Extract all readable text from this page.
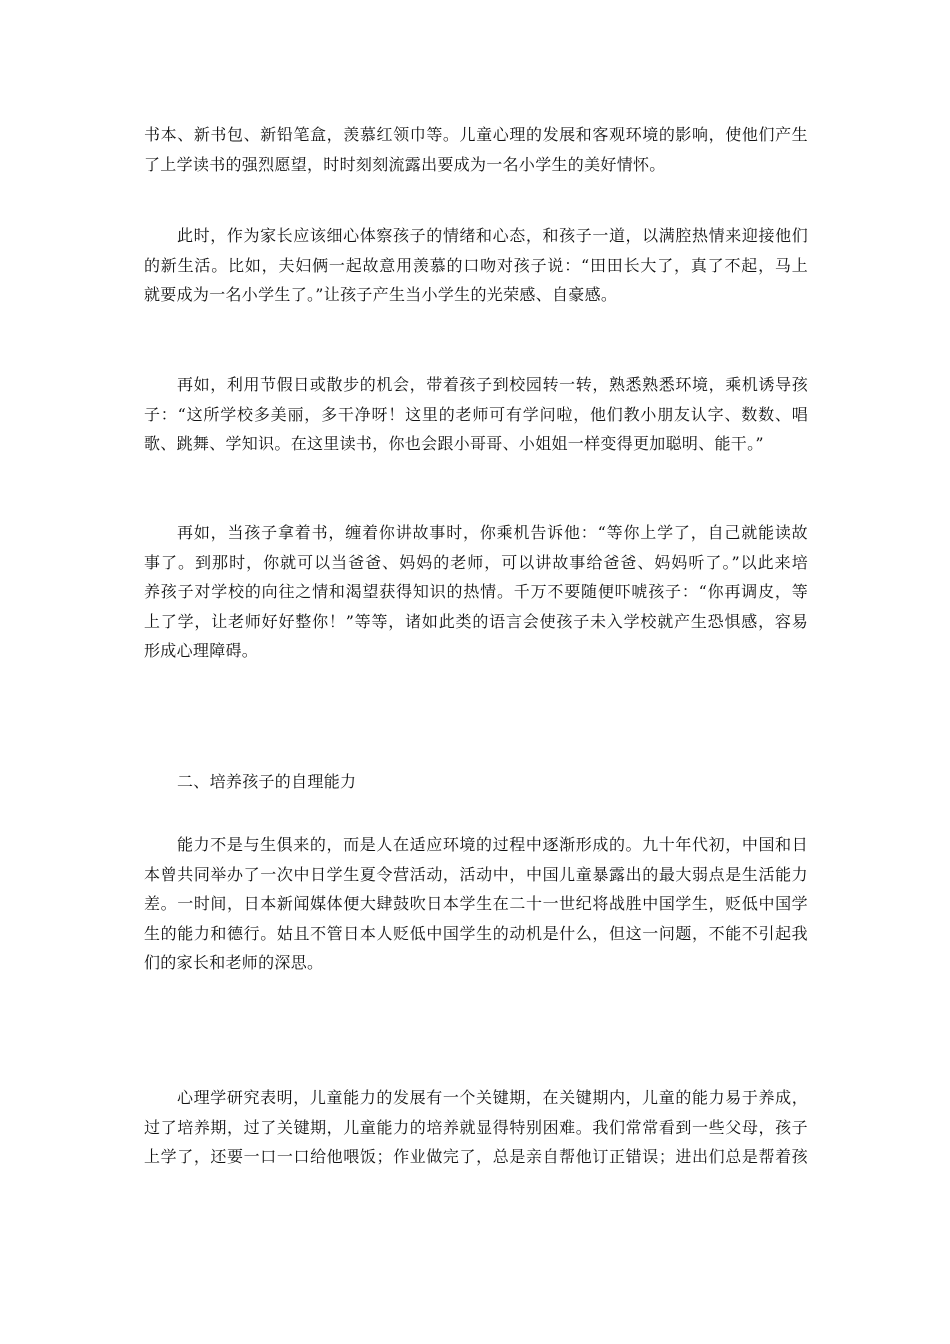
书本、新书包、新铅笔盒，羡慕红领巾等。儿童心理的发展和客观环境的影响，使他们产生
了上学读书的强烈愿望，时时刻刻流露出要成为一名小学生的美好情怀。
此时，作为家长应该细心体察孩子的情绪和心态，和孩子一道，以满腔热情来迎接他们
的新生活。比如，夫妇俩一起故意用羡慕的口吻对孩子说：“田田长大了，真了不起，马上
就要成为一名小学生了。”让孩子产生当小学生的光荣感、自豪感。
再如，利用节假日或散步的机会，带着孩子到校园转一转，熟悉熟悉环境，乘机诱导孩
子：“这所学校多美丽，多干净呀！这里的老师可有学问啦，他们教小朋友认字、数数、唱
歌、跳舞、学知识。在这里读书，你也会跟小哥哥、小姐姐一样变得更加聪明、能干。”
再如，当孩子拿着书，缠着你讲故事时，你乘机告诉他：“等你上学了，自己就能读故
事了。到那时，你就可以当爸爸、妈妈的老师，可以讲故事给爸爸、妈妈听了。”以此来培
养孩子对学校的向往之情和渴望获得知识的热情。千万不要随便吓唬孩子：“你再调皮，等
上了学，让老师好好整你！”等等，诸如此类的语言会使孩子未入学校就产生恐惧感，容易
形成心理障碍。
二、培养孩子的自理能力
能力不是与生俱来的，而是人在适应环境的过程中逐渐形成的。九十年代初，中国和日
本曾共同举办了一次中日学生夏令营活动，活动中，中国儿童暴露出的最大弱点是生活能力
差。一时间，日本新闻媒体便大肆鼓吹日本学生在二十一世纪将战胜中国学生，贬低中国学
生的能力和德行。姑且不管日本人贬低中国学生的动机是什么，但这一问题，不能不引起我
们的家长和老师的深思。
心理学研究表明，儿童能力的发展有一个关键期，在关键期内，儿童的能力易于养成，
过了培养期，过了关键期，儿童能力的培养就显得特别困难。我们常常看到一些父母，孩子
上学了，还要一口一口给他喂饭；作业做完了，总是亲自帮他订正错误；进出们总是帮着孩
